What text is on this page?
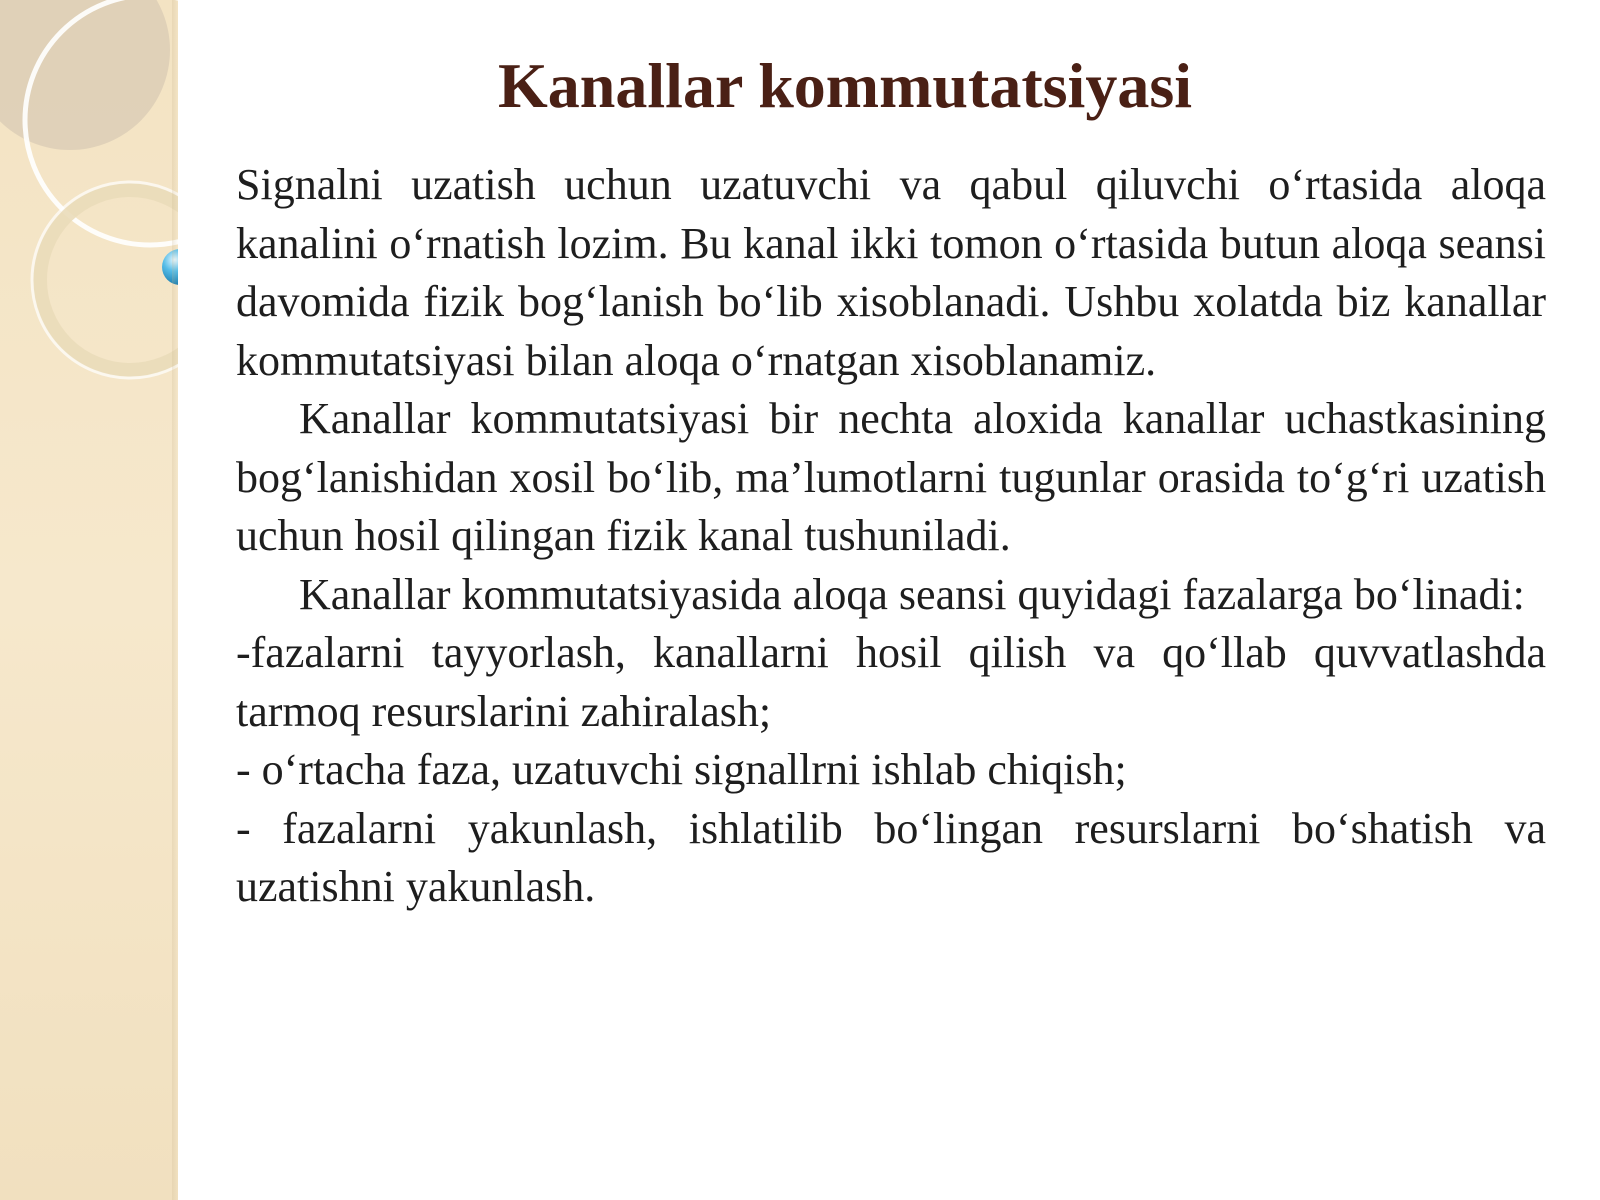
Kanallar kommutatsiyasi

Signalni uzatish uchun uzatuvchi va qabul qiluvchi o‘rtasida aloqa kanalini o‘rnatish lozim. Bu kanal ikki tomon o‘rtasida butun aloqa seansi davomida fizik bog‘lanish bo‘lib xisoblanadi. Ushbu xolatda biz kanallar kommutatsiyasi bilan aloqa o‘rnatgan xisoblanamiz.

Kanallar kommutatsiyasi bir nechta aloxida kanallar uchastkasining bog‘lanishidan xosil bo‘lib, ma’lumotlarni tugunlar orasida to‘g‘ri uzatish uchun hosil qilingan fizik kanal tushuniladi.

Kanallar kommutatsiyasida aloqa seansi quyidagi fazalarga bo‘linadi:

-fazalarni tayyorlash, kanallarni hosil qilish va qo‘llab quvvatlashda tarmoq resurslarini zahiralash;

- o‘rtacha faza, uzatuvchi signallrni ishlab chiqish;

- fazalarni yakunlash, ishlatilib bo‘lingan resurslarni bo‘shatish va uzatishni yakunlash.
